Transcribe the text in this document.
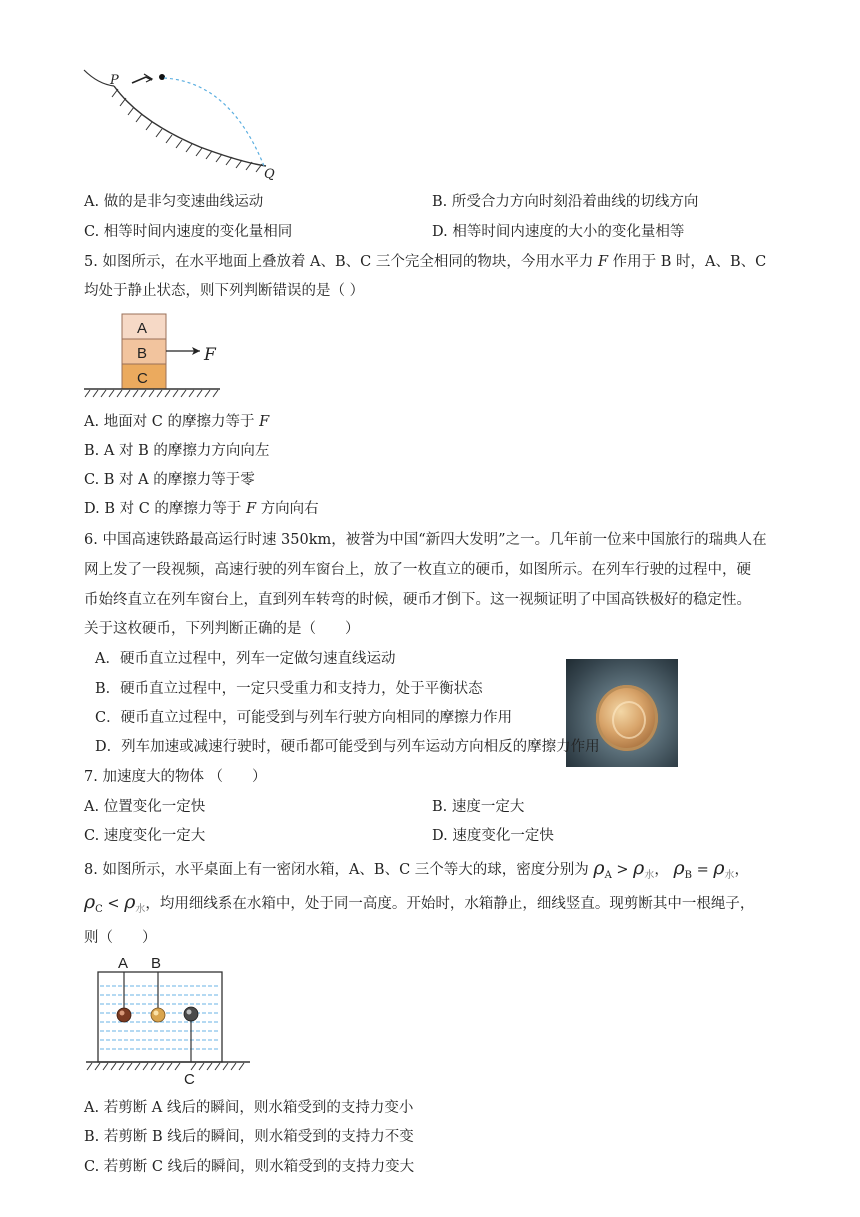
P
Q
A. 做的是非匀变速曲线运动	B. 所受合力方向时刻沿着曲线的切线方向
C. 相等时间内速度的变化量相同	D. 相等时间内速度的大小的变化量相等
5. 如图所示，在水平地面上叠放着 A、B、C 三个完全相同的物块，今用水平力 F 作用于 B 时，A、B、C
均处于静止状态，则下列判断错误的是（ ）
A
B
C
F
A. 地面对 C 的摩擦力等于 F
B. A 对 B 的摩擦力方向向左
C. B 对 A 的摩擦力等于零
D. B 对 C 的摩擦力等于 F 方向向右
6. 中国高速铁路最高运行时速 350km，被誉为中国“新四大发明”之一。几年前一位来中国旅行的瑞典人在
网上发了一段视频，高速行驶的列车窗台上，放了一枚直立的硬币，如图所示。在列车行驶的过程中，硬
币始终直立在列车窗台上，直到列车转弯的时候，硬币才倒下。这一视频证明了中国高铁极好的稳定性。
关于这枚硬币，下列判断正确的是（　　）
A．硬币直立过程中，列车一定做匀速直线运动
B．硬币直立过程中，一定只受重力和支持力，处于平衡状态
C．硬币直立过程中，可能受到与列车行驶方向相同的摩擦力作用
D．列车加速或减速行驶时，硬币都可能受到与列车运动方向相反的摩擦力作用
7. 加速度大的物体 （　　）
A. 位置变化一定快	B. 速度一定大
C. 速度变化一定大	D. 速度变化一定快
8. 如图所示，水平桌面上有一密闭水箱，A、B、C 三个等大的球，密度分别为 $\rho_A > \rho_水$， $\rho_B = \rho_水$，
$\rho_C < \rho_水$，均用细线系在水箱中，处于同一高度。开始时，水箱静止，细线竖直。现剪断其中一根绳子，
则（　　）
A B
C
A. 若剪断 A 线后的瞬间，则水箱受到的支持力变小
B. 若剪断 B 线后的瞬间，则水箱受到的支持力不变
C. 若剪断 C 线后的瞬间，则水箱受到的支持力变大
